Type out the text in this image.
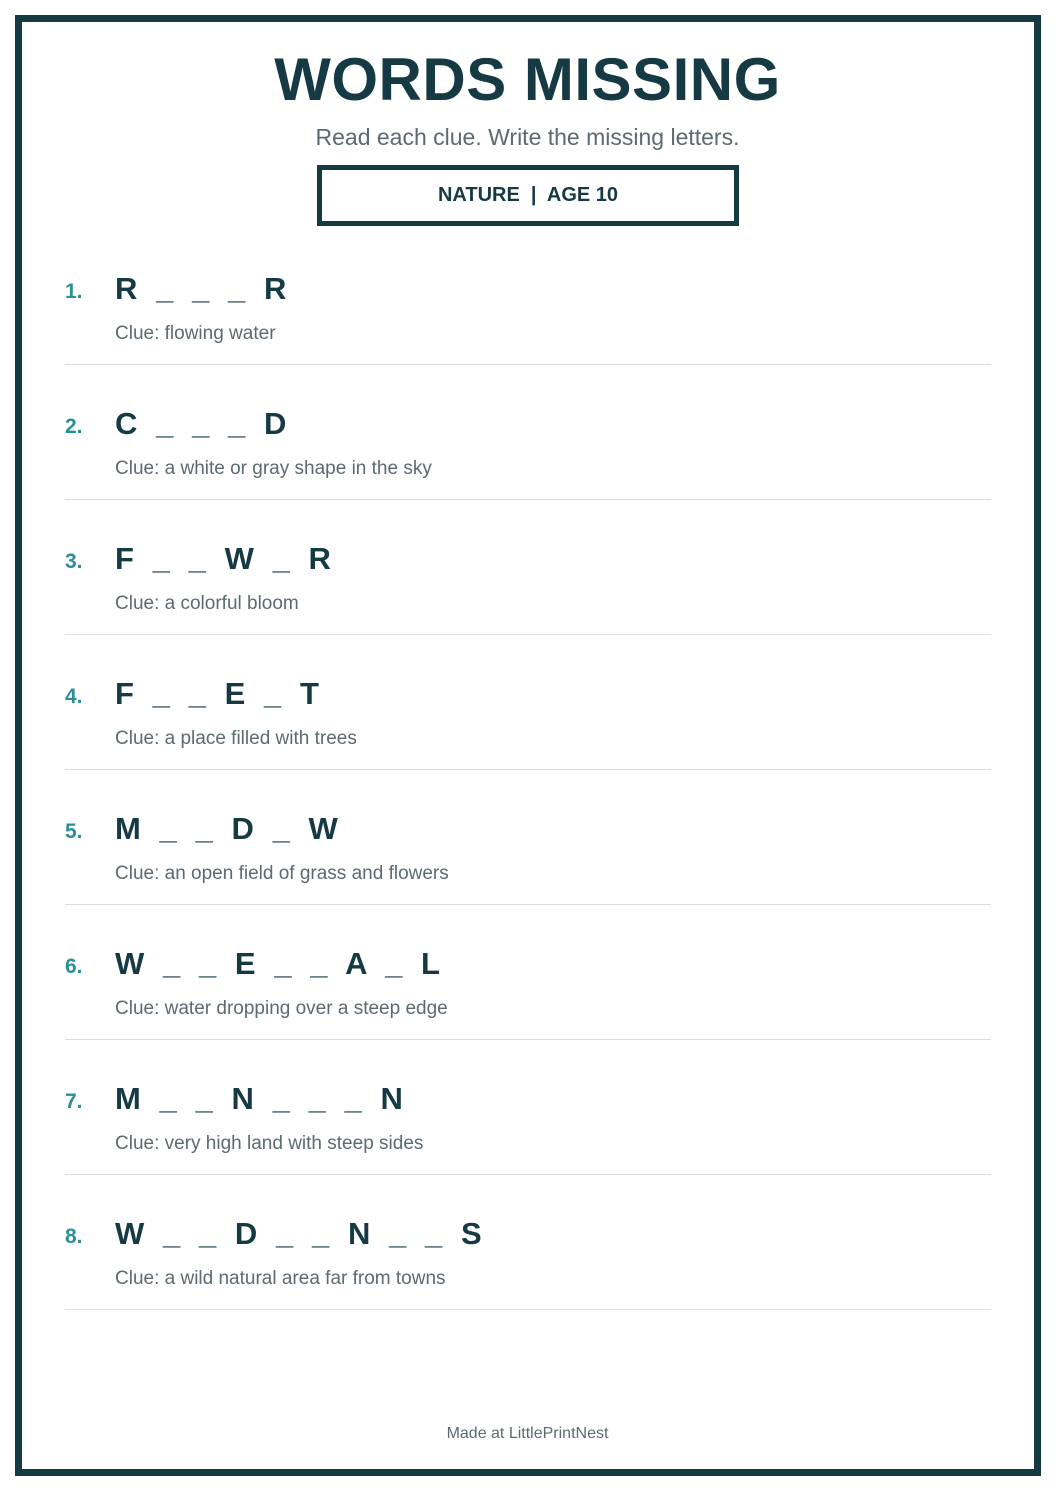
WORDS MISSING
Read each clue. Write the missing letters.
NATURE  |  AGE 10
1. R  _  _  _  R
Clue: flowing water
2. C  _  _  _  D
Clue: a white or gray shape in the sky
3. F  _  _  W  _  R
Clue: a colorful bloom
4. F  _  _  E  _  T
Clue: a place filled with trees
5. M  _  _  D  _  W
Clue: an open field of grass and flowers
6. W  _  _  E  _  _  A  _  L
Clue: water dropping over a steep edge
7. M  _  _  N  _  _  _  N
Clue: very high land with steep sides
8. W  _  _  D  _  _  N  _  _  S
Clue: a wild natural area far from towns
Made at LittlePrintNest
